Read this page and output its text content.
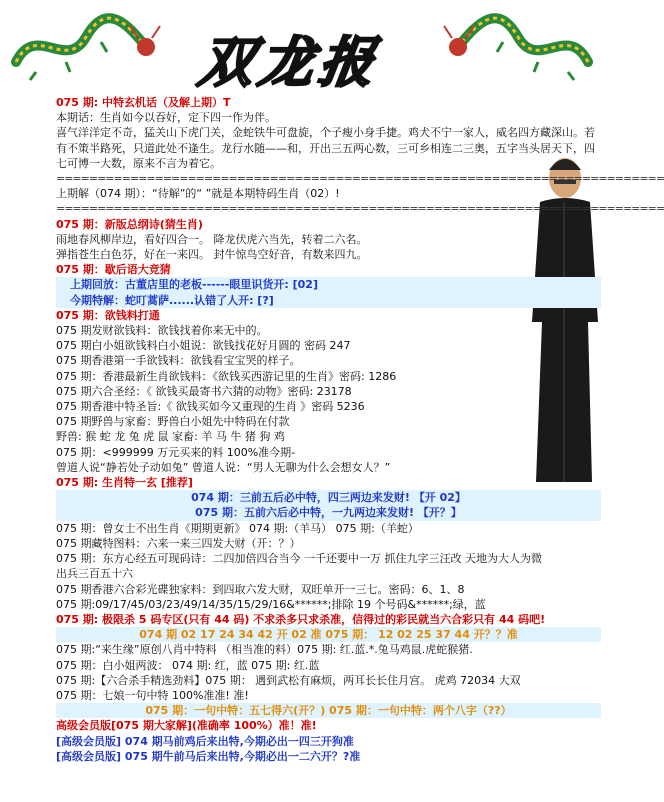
双龙报
075 期: 中特玄机话（及解上期）T
本期话：生肖如今以吞好，定下四一作为伴。
喜气洋洋定不奇，猛关山下虎门关，金蛇铁牛可盘旋，个子瘦小身手捷。鸡犬不宁一家人，威名四方藏深山。若有不策半路死，只道此处不逢生。龙行水随——和，开出三五两心数，三可乡相连二三奥，五字当头居天下，四七可博一大数，原来不言为着它。
==========================================================================
上期解（074 期）：“待解”的“ ”就是本期特码生肖（02）!
==========================================================================
075 期：新版总纲诗(猜生肖)
雨地春风柳岸边，看好四合一。 降龙伏虎六当先，转着二六名。
弹指苍生白色芬，好在一来四。 封牛惊鸟空好音，有数来四九。
075 期：歇后语大竞猜
上期回放：古董店里的老板------眼里识货开: [02]
今期特解：蛇叮蒿萨......认错了人开: [?]
075 期：欲钱料打通
075 期发财欲钱料：欲钱找着你来无中的。
075 期白小姐欲钱料白小姐说：欲钱找花好月圆的 密码 247
075 期香港第一手欲钱料：欲钱看宝宝哭的样子。
075 期：香港最新生肖欲钱料：《欲钱买西游记里的生肖》密码: 1286
075 期六合圣经：《 欲钱买最寄书六猜的动物》密码: 23178
075 期香港中特圣旨:《 欲钱买如今又重现的生肖 》密码 5236
075 期野兽与家畜：野兽白小姐先中特码在付款
野兽: 猴 蛇 龙 兔 虎 鼠 家畜: 羊 马 牛 猪 狗 鸡
075 期：<999999 万元买来的料 100%准今期-
曾道人说“静若处子动如兔” 曾道人说：“男人无聊为什么会想女人？”
075 期: 生肖特一玄 [推荐]
074 期：三前五后必中特，四三两边来发财! 【开 02】
075 期：五前六后必中特，一九两边来发财! 【开？】
075 期：曾女士不出生肖《期期更新》 074 期:（羊马） 075 期:（羊蛇）
075 期藏特图料：六来一来三四发大财（开：？）
075 期：东方心经五可现码诗：二四加倍四合当今 一千还要中一万 抓住九字三汪改 天地为大人为微
出兵三百五十六
075 期香港六合彩光碟独家料：到四取六发大财，双旺单开一三七。密码：6、1、8
075 期:09/17/45/03/23/49/14/35/15/29/16&******;排除 19 个号码&******;绿，蓝
075 期: 极限杀 5 码专区(只有 44 码) 不求杀多只求杀准，信得过的彩民就当六合彩只有 44 码吧!
074 期 02 17 24 34 42 开 02 准 075 期： 12 02 25 37 44 开？？准
075 期:“来生缘”原创八肖中特料 （相当准的料）075 期: 红.蓝.*.兔马鸡鼠.虎蛇猴猪.
075 期：白小姐两波： 074 期: 红，蓝 075 期: 红.蓝
075 期:【六合杀手精选劲料】075 期： 遇到武松有麻烦，两耳长长住月宫。 虎鸡 72034 大双
075 期：七娘一句中特 100%准准! 准!
075 期：一句中特：五七得六(开？) 075 期：一句中特：两个八字（??）
高级会员版[075 期大家解](准确率 100%）准！准!
[高级会员版] 074 期马前鸡后来出特,今期必出一四三开狗准
[高级会员版] 075 期牛前马后来出特,今期必出一二六开？?准
